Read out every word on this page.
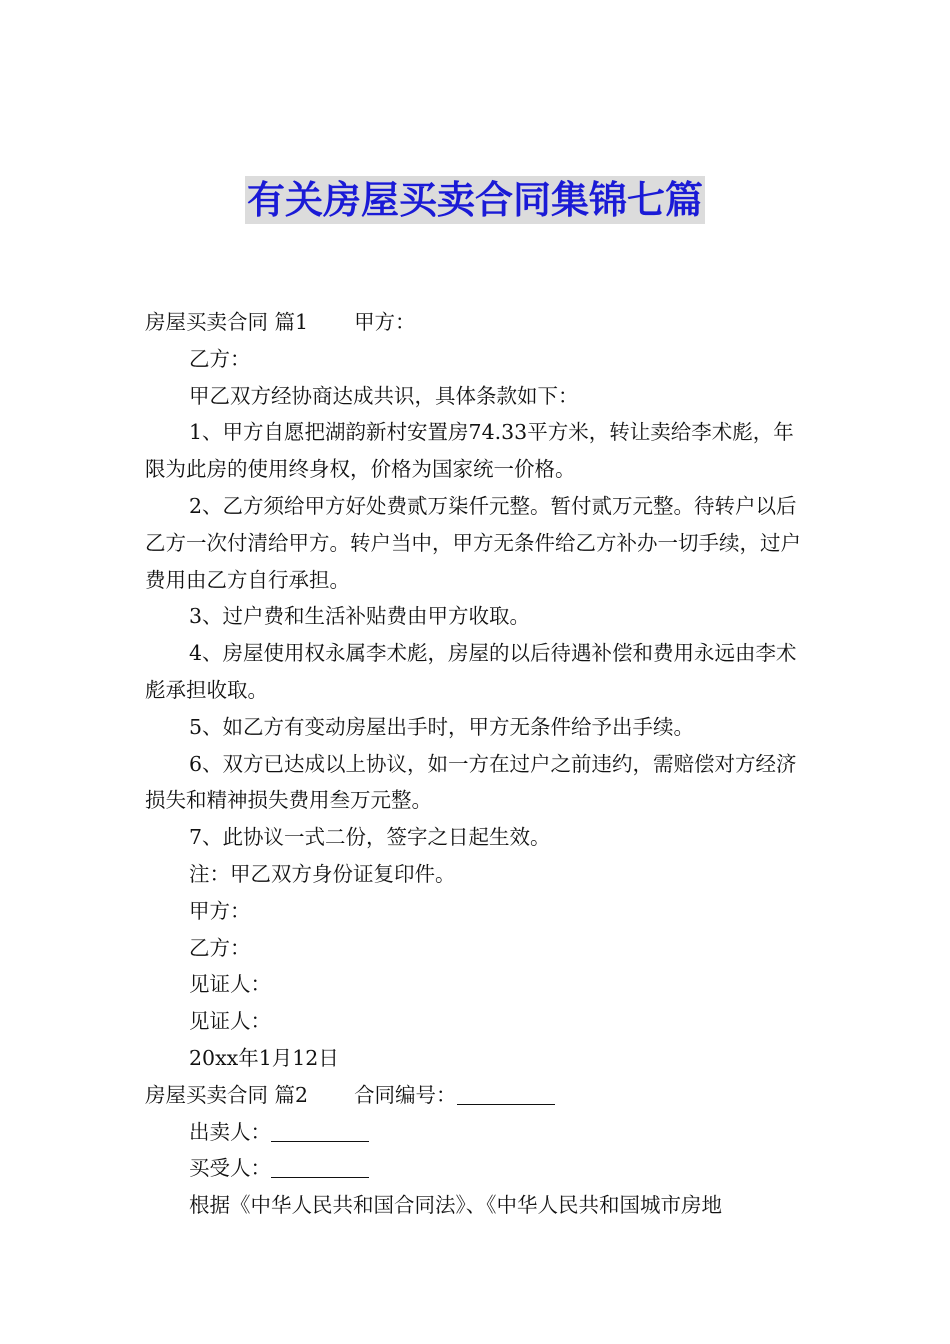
有关房屋买卖合同集锦七篇

房屋买卖合同 篇1 甲方：

乙方：

甲乙双方经协商达成共识，具体条款如下：

1、甲方自愿把湖韵新村安置房74.33平方米，转让卖给李术彪，年限为此房的使用终身权，价格为国家统一价格。

2、乙方须给甲方好处费贰万柒仟元整。暂付贰万元整。待转户以后乙方一次付清给甲方。转户当中，甲方无条件给乙方补办一切手续，过户费用由乙方自行承担。

3、过户费和生活补贴费由甲方收取。

4、房屋使用权永属李术彪，房屋的以后待遇补偿和费用永远由李术彪承担收取。

5、如乙方有变动房屋出手时，甲方无条件给予出手续。

6、双方已达成以上协议，如一方在过户之前违约，需赔偿对方经济损失和精神损失费用叁万元整。

7、此协议一式二份，签字之日起生效。

注：甲乙双方身份证复印件。

甲方：

乙方：

见证人：

见证人：

20xx年1月12日

房屋买卖合同 篇2 合同编号：

出卖人：

买受人：

根据《中华人民共和国合同法》、《中华人民共和国城市房地
